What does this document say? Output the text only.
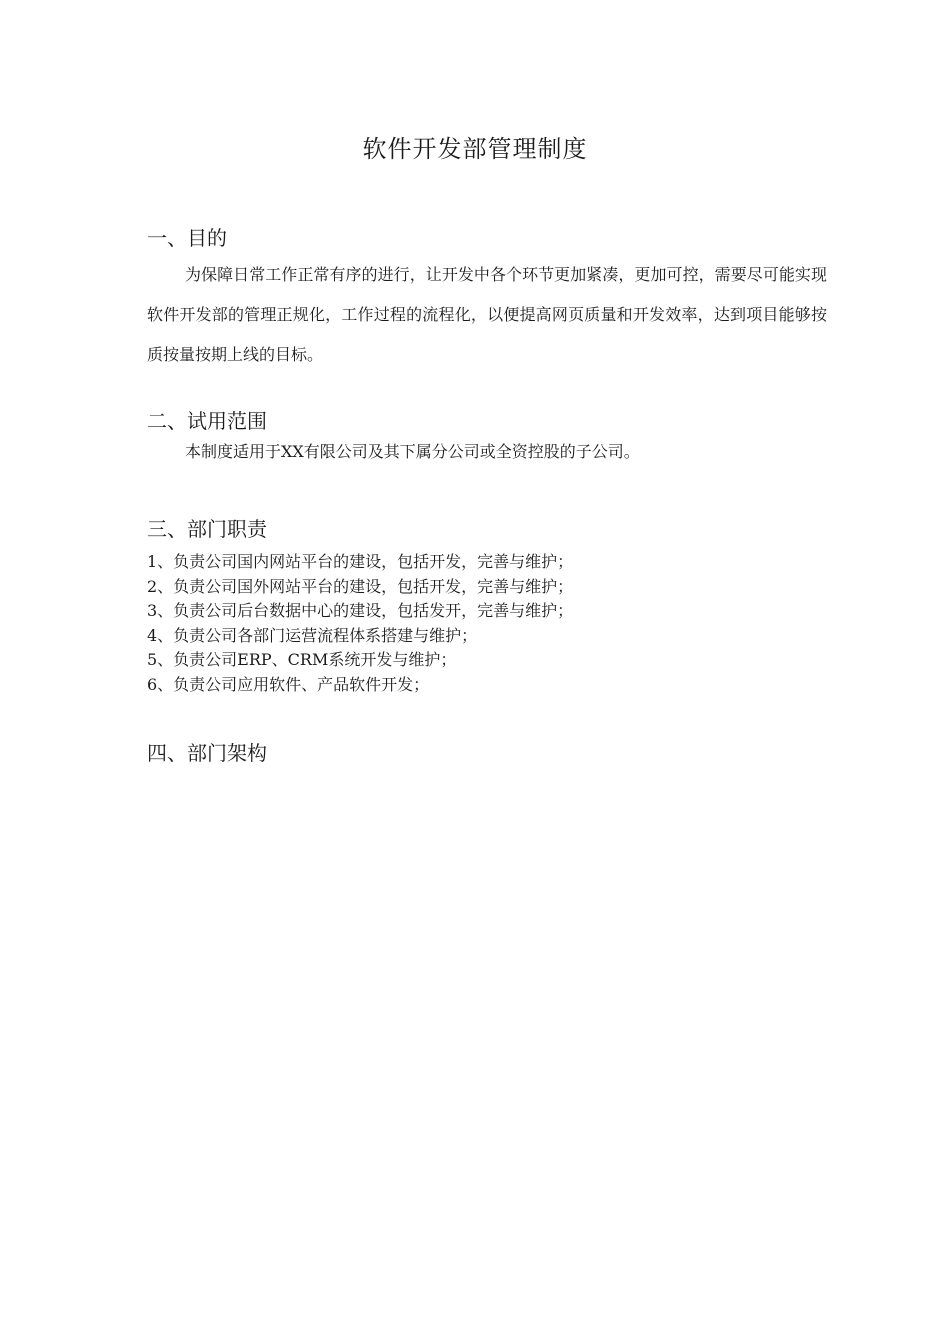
软件开发部管理制度
一、目的

为保障日常工作正常有序的进行，让开发中各个环节更加紧凑，更加可控，需要尽可能实现软件开发部的管理正规化，工作过程的流程化，以便提高网页质量和开发效率，达到项目能够按质按量按期上线的目标。

二、试用范围

本制度适用于XX有限公司及其下属分公司或全资控股的子公司。

三、部门职责
1、负责公司国内网站平台的建设，包括开发，完善与维护；
2、负责公司国外网站平台的建设，包括开发，完善与维护；
3、负责公司后台数据中心的建设，包括发开，完善与维护；
4、负责公司各部门运营流程体系搭建与维护；
5、负责公司ERP、CRM系统开发与维护；
6、负责公司应用软件、产品软件开发；
四、部门架构
